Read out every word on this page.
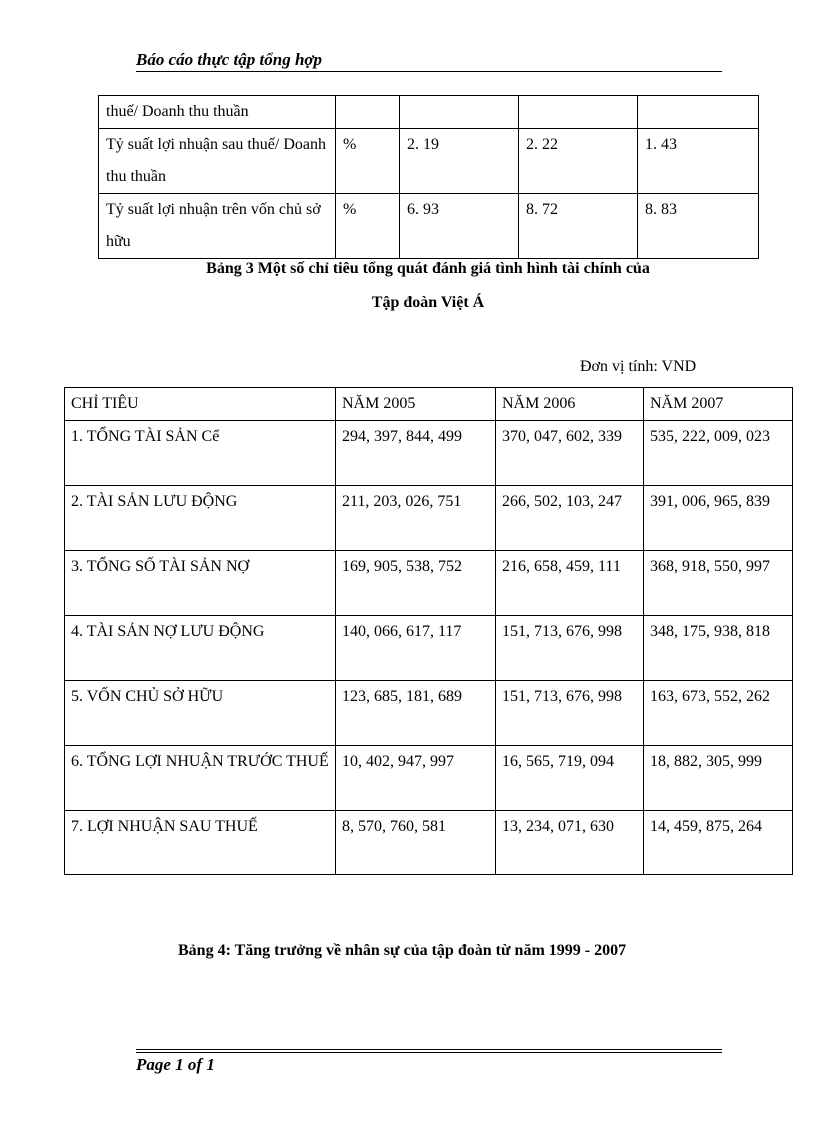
Báo cáo thực tập tổng hợp
thuế/ Doanh thu thuần				
Tỷ suất lợi nhuận sau thuế/ Doanh thu thuần	%	2. 19	2. 22	1. 43
Tỷ suất lợi nhuận trên vốn chủ sở hữu	%	6. 93	8. 72	8. 83
Bảng 3 Một số chỉ tiêu tổng quát đánh giá tình hình tài chính của
Tập đoàn Việt Á
Đơn vị tính: VND
CHỈ TIÊU	NĂM 2005	NĂM 2006	NĂM 2007
1. TỔNG TÀI SẢN Cể	294, 397, 844, 499	370, 047, 602, 339	535, 222, 009, 023
2. TÀI SẢN LƯU ĐỘNG	211, 203, 026, 751	266, 502, 103, 247	391, 006, 965, 839
3. TỔNG SỐ TÀI SẢN NỢ	169, 905, 538, 752	216, 658, 459, 111	368, 918, 550, 997
4. TÀI SẢN NỢ LƯU ĐỘNG	140, 066, 617, 117	151, 713, 676, 998	348, 175, 938, 818
5. VỐN CHỦ SỞ HỮU	123, 685, 181, 689	151, 713, 676, 998	163, 673, 552, 262
6. TỔNG LỢI NHUẬN TRƯỚC THUẾ	10, 402, 947, 997	16, 565, 719, 094	18, 882, 305, 999
7. LỢI NHUẬN SAU THUẾ	8, 570, 760, 581	13, 234, 071, 630	14, 459, 875, 264
Bảng 4: Tăng trưởng về nhân sự của tập đoàn từ năm 1999 - 2007
Page 1 of 1
